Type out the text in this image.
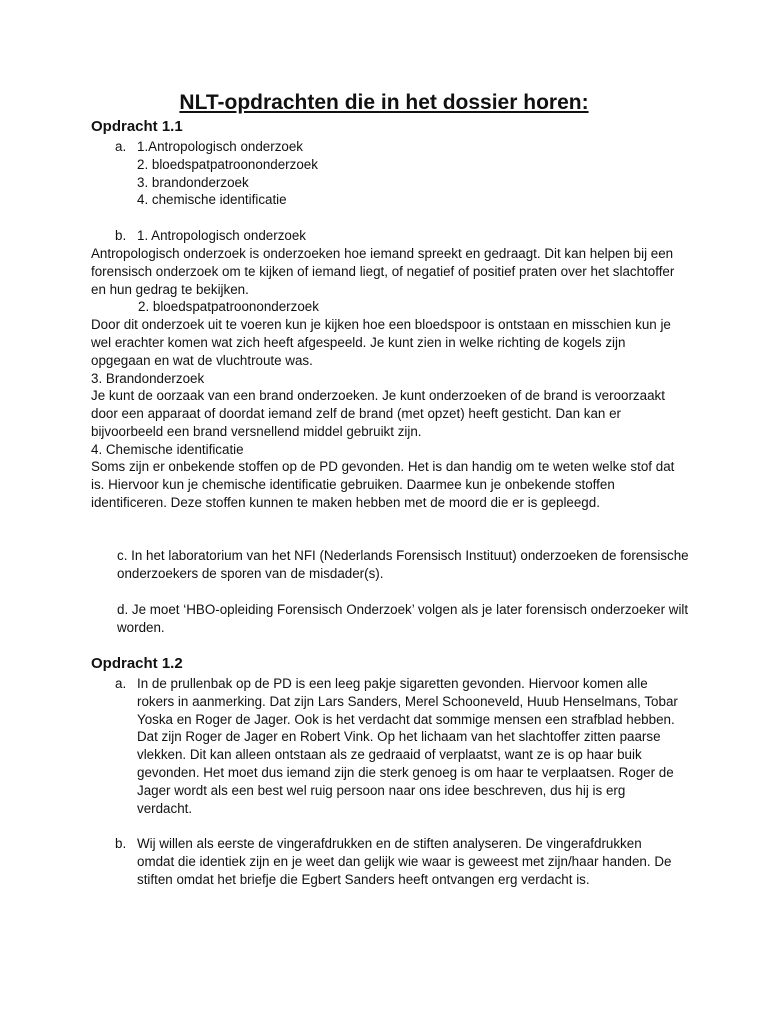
NLT-opdrachten die in het dossier horen:
Opdracht 1.1
a. 1.Antropologisch onderzoek
2. bloedspatpatroononderzoek
3. brandonderzoek
4. chemische identificatie
b. 1. Antropologisch onderzoek

Antropologisch onderzoek is onderzoeken hoe iemand spreekt en gedraagt. Dit kan helpen bij een forensisch onderzoek om te kijken of iemand liegt, of negatief of positief praten over het slachtoffer en hun gedrag te bekijken.

2. bloedspatpatroononderzoek

Door dit onderzoek uit te voeren kun je kijken hoe een bloedspoor is ontstaan en misschien kun je wel erachter komen wat zich heeft afgespeeld. Je kunt zien in welke richting de kogels zijn opgegaan en wat de vluchtroute was.

3. Brandonderzoek

Je kunt de oorzaak van een brand onderzoeken. Je kunt onderzoeken of de brand is veroorzaakt door een apparaat of doordat iemand zelf de brand (met opzet) heeft gesticht. Dan kan er bijvoorbeeld een brand versnellend middel gebruikt zijn.

4. Chemische identificatie

Soms zijn er onbekende stoffen op de PD gevonden. Het is dan handig om te weten welke stof dat is. Hiervoor kun je chemische identificatie gebruiken. Daarmee kun je onbekende stoffen identificeren. Deze stoffen kunnen te maken hebben met de moord die er is gepleegd.

c. In het laboratorium van het NFI (Nederlands Forensisch Instituut) onderzoeken de forensische onderzoekers de sporen van de misdader(s).

d. Je moet ‘HBO-opleiding Forensisch Onderzoek’ volgen als je later forensisch onderzoeker wilt worden.

Opdracht 1.2
a. In de prullenbak op de PD is een leeg pakje sigaretten gevonden. Hiervoor komen alle rokers in aanmerking. Dat zijn Lars Sanders, Merel Schooneveld, Huub Henselmans, Tobar Yoska en Roger de Jager. Ook is het verdacht dat sommige mensen een strafblad hebben. Dat zijn Roger de Jager en Robert Vink. Op het lichaam van het slachtoffer zitten paarse vlekken. Dit kan alleen ontstaan als ze gedraaid of verplaatst, want ze is op haar buik gevonden. Het moet dus iemand zijn die sterk genoeg is om haar te verplaatsen. Roger de Jager wordt als een best wel ruig persoon naar ons idee beschreven, dus hij is erg verdacht.
b. Wij willen als eerste de vingerafdrukken en de stiften analyseren. De vingerafdrukken omdat die identiek zijn en je weet dan gelijk wie waar is geweest met zijn/haar handen. De stiften omdat het briefje die Egbert Sanders heeft ontvangen erg verdacht is.
